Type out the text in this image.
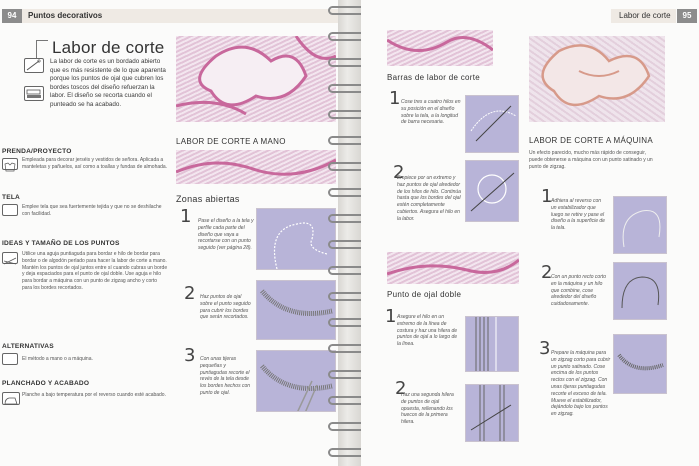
94	Puntos decorativos
Labor de corte
La labor de corte es un bordado abierto que es más resistente de lo que aparenta porque los puntos de ojal que cubren los bordes toscos del diseño refuerzan la labor. El diseño se recorta cuando el punteado se ha acabado.
LABOR DE CORTE A MANO
PRENDA/PROYECTO
Empleada para decorar jerséis y vestidos de señora. Aplicada a manteletas y pañuelos, así como a toallas y fundas de almohada.
TELA
Emplee tela que sea fuertemente tejida y que no se deshilache con facilidad.
IDEAS Y TAMAÑO DE LOS PUNTOS
Utilice una aguja puntiaguda para bordar e hilo de bordar para bordar o de algodón perlado para hacer la labor de corte a mano. Mantén los puntos de ojal juntos entre sí cuando cubras un borde y deja espaciados para el punto de ojal doble. Use aguja e hilo para bordar a máquina con un punto de zigzag ancho y corto para los bordes recortados.
ALTERNATIVAS
El método a mano o a máquina.
PLANCHADO Y ACABADO
Planche a bajo temperatura por el reverso cuando esté acabado.
Zonas abiertas
1 Pase el diseño a la tela y perfile cada parte del diseño que vaya a recortarse con un punto seguido (ver página 28).
2 Haz puntos de ojal sobre el punto seguido para cubrir los bordes que serán recortados.
3 Con unas tijeras pequeñas y puntiagudas recorte el revés de la tela desde los bordes hechos con punto de ojal.
95
Labor de corte
Barras de labor de corte
1 Cose tres a cuatro hilos en su posición en el diseño sobre la tela, a la longitud de barra necesaria.
2
Empiece por un extremo y haz puntos de ojal alrededor de los hilos de hilo. Continúa hasta que los bordes del ojal estén completamente cubiertos. Asegura el hilo en la labor.
Punto de ojal doble
1 Asegure el hilo en un extremo de la línea de costura y haz una hilera de puntos de ojal a lo largo de la línea.
2
Haz una segunda hilera de puntos de ojal opuesta, rellenando los huecos de la primera hilera.
LABOR DE CORTE A MÁQUINA
Un efecto parecido, mucho más rápido de conseguir, puede obtenerse a máquina con un punto satinado y un punto de zigzag.
1
Adhiera al reverso con un estabilizador que luego se retire y pase el diseño a la superficie de la tela.
2
Con un punto recto corto en la máquina y un hilo que combine, cose alrededor del diseño cuidadosamente.
3 Prepare la máquina para un zigzag corto para cubrir un punto satinado. Cose encima de los puntos rectos con el zigzag. Con unas tijeras puntiagudas recorte el exceso de tela. Mueve el estabilizador, dejándolo bajo los puntos en zigzag.
